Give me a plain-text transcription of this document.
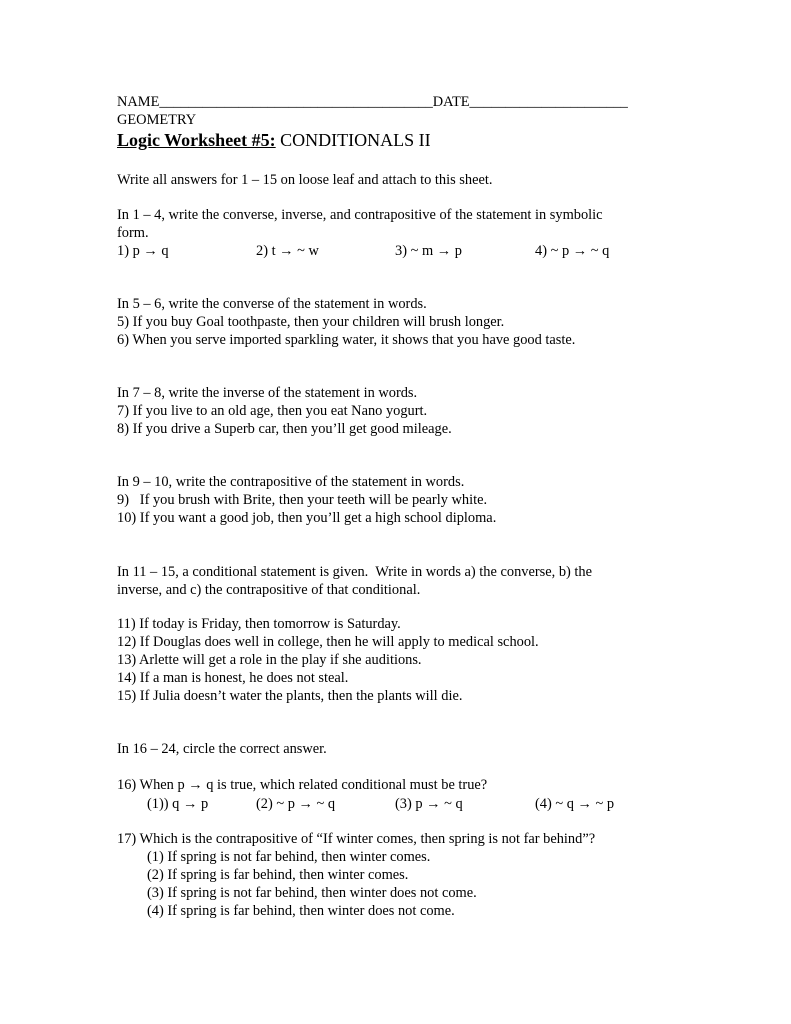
NAME______________________________________DATE______________________
GEOMETRY
Logic Worksheet #5: CONDITIONALS II
Write all answers for 1 – 15 on loose leaf and attach to this sheet.
In 1 – 4, write the converse, inverse, and contrapositive of the statement in symbolic
form.
1) p → q	2) t → ~ w	3) ~ m → p	4) ~ p → ~ q
In 5 – 6, write the converse of the statement in words.
5) If you buy Goal toothpaste, then your children will brush longer.
6) When you serve imported sparkling water, it shows that you have good taste.
In 7 – 8, write the inverse of the statement in words.
7) If you live to an old age, then you eat Nano yogurt.
8) If you drive a Superb car, then you’ll get good mileage.
In 9 – 10, write the contrapositive of the statement in words.
9)   If you brush with Brite, then your teeth will be pearly white.
10) If you want a good job, then you’ll get a high school diploma.
In 11 – 15, a conditional statement is given.  Write in words a) the converse, b) the
inverse, and c) the contrapositive of that conditional.
11) If today is Friday, then tomorrow is Saturday.
12) If Douglas does well in college, then he will apply to medical school.
13) Arlette will get a role in the play if she auditions.
14) If a man is honest, he does not steal.
15) If Julia doesn’t water the plants, then the plants will die.
In 16 – 24, circle the correct answer.
16) When p → q is true, which related conditional must be true?
(1)) q → p	(2) ~ p → ~ q	(3) p → ~ q	(4) ~ q → ~ p
17) Which is the contrapositive of “If winter comes, then spring is not far behind”?
(1) If spring is not far behind, then winter comes.
(2) If spring is far behind, then winter comes.
(3) If spring is not far behind, then winter does not come.
(4) If spring is far behind, then winter does not come.
